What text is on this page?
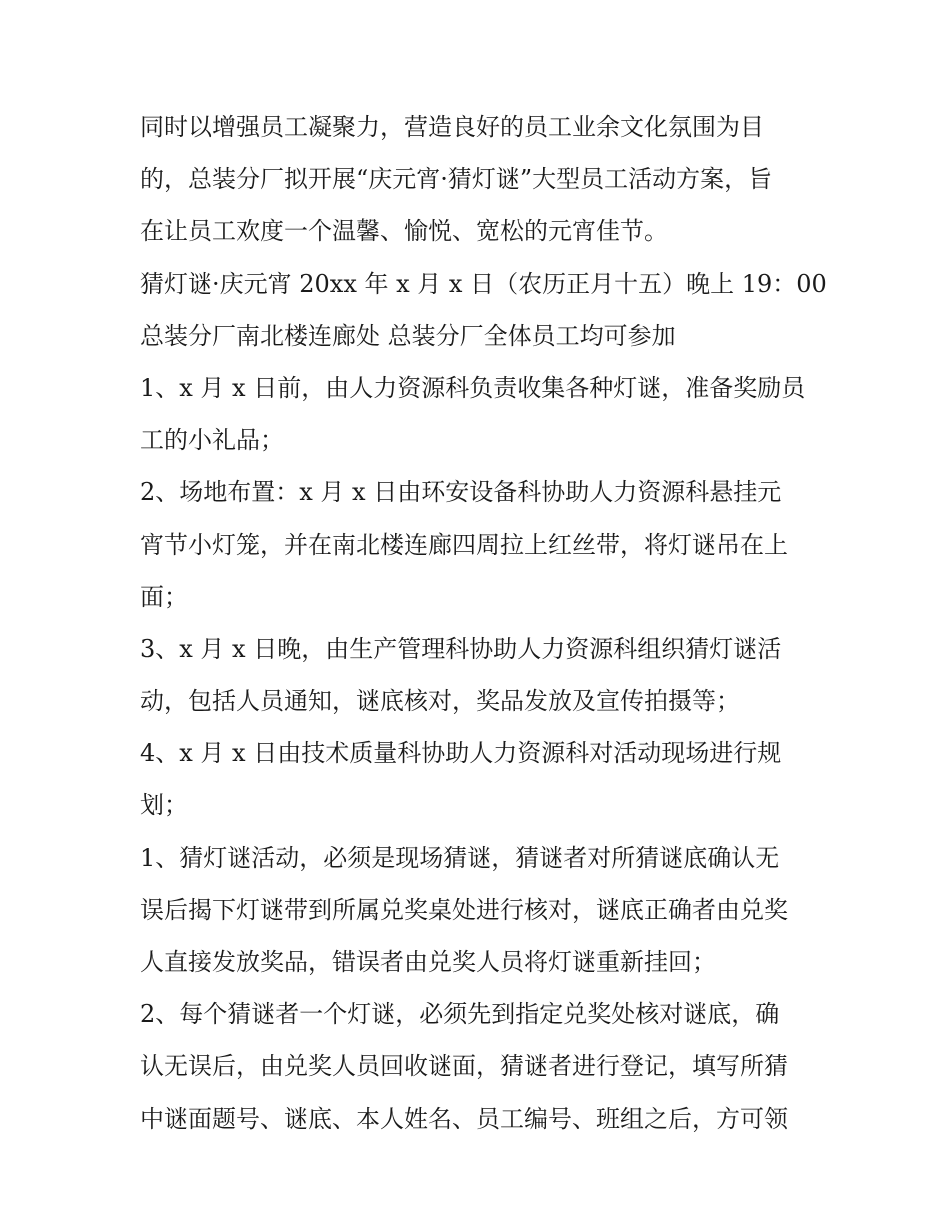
同时以增强员工凝聚力，营造良好的员工业余文化氛围为目
的，总装分厂拟开展“庆元宵·猜灯谜”大型员工活动方案，旨
在让员工欢度一个温馨、愉悦、宽松的元宵佳节。
猜灯谜·庆元宵 20xx 年 x 月 x 日（农历正月十五）晚上 19：00
总装分厂南北楼连廊处 总装分厂全体员工均可参加
1、x 月 x 日前，由人力资源科负责收集各种灯谜，准备奖励员
工的小礼品；
2、场地布置：x 月 x 日由环安设备科协助人力资源科悬挂元
宵节小灯笼，并在南北楼连廊四周拉上红丝带，将灯谜吊在上
面；
3、x 月 x 日晚，由生产管理科协助人力资源科组织猜灯谜活
动，包括人员通知，谜底核对，奖品发放及宣传拍摄等；
4、x 月 x 日由技术质量科协助人力资源科对活动现场进行规
划；
1、猜灯谜活动，必须是现场猜谜，猜谜者对所猜谜底确认无
误后揭下灯谜带到所属兑奖桌处进行核对，谜底正确者由兑奖
人直接发放奖品，错误者由兑奖人员将灯谜重新挂回；
2、每个猜谜者一个灯谜，必须先到指定兑奖处核对谜底，确
认无误后，由兑奖人员回收谜面，猜谜者进行登记，填写所猜
中谜面题号、谜底、本人姓名、员工编号、班组之后，方可领
